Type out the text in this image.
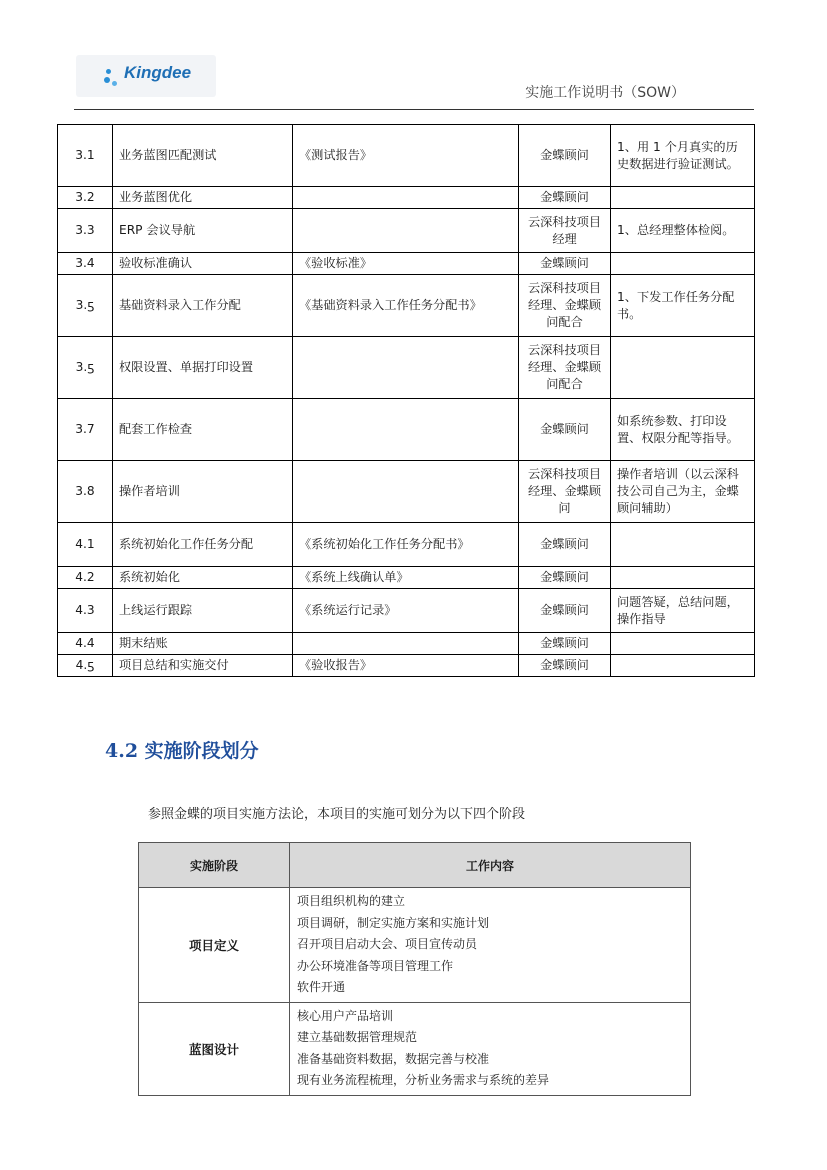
Kingdee
实施工作说明书（SOW）
3.1	业务蓝图匹配测试	《测试报告》	金蝶顾问	1、用 1 个月真实的历史数据进行验证测试。
3.2	业务蓝图优化		金蝶顾问	
3.3	ERP 会议导航		云深科技项目经理	1、总经理整体检阅。
3.4	验收标准确认	《验收标准》	金蝶顾问	
3.ƽ	基础资料录入工作分配	《基础资料录入工作任务分配书》	云深科技项目经理、金蝶顾问配合	1、下发工作任务分配书。
3.ƽ	权限设置、单据打印设置		云深科技项目经理、金蝶顾问配合	
3.7	配套工作检查		金蝶顾问	如系统参数、打印设置、权限分配等指导。
3.8	操作者培训		云深科技项目经理、金蝶顾问	操作者培训（以云深科技公司自己为主，金蝶顾问辅助）
4.1	系统初始化工作任务分配	《系统初始化工作任务分配书》	金蝶顾问	
4.2	系统初始化	《系统上线确认单》	金蝶顾问	
4.3	上线运行跟踪	《系统运行记录》	金蝶顾问	问题答疑，总结问题，操作指导
4.4	期末结账		金蝶顾问	
4.ƽ	项目总结和实施交付	《验收报告》	金蝶顾问	
4.2 实施阶段划分

参照金蝶的项目实施方法论，本项目的实施可划分为以下四个阶段

实施阶段	工作内容
项目定义	项目组织机构的建立
项目调研，制定实施方案和实施计划
召开项目启动大会、项目宣传动员
办公环境准备等项目管理工作
软件开通

蓝图设计	核心用户产品培训
建立基础数据管理规范
准备基础资料数据，数据完善与校准
现有业务流程梳理，分析业务需求与系统的差异
